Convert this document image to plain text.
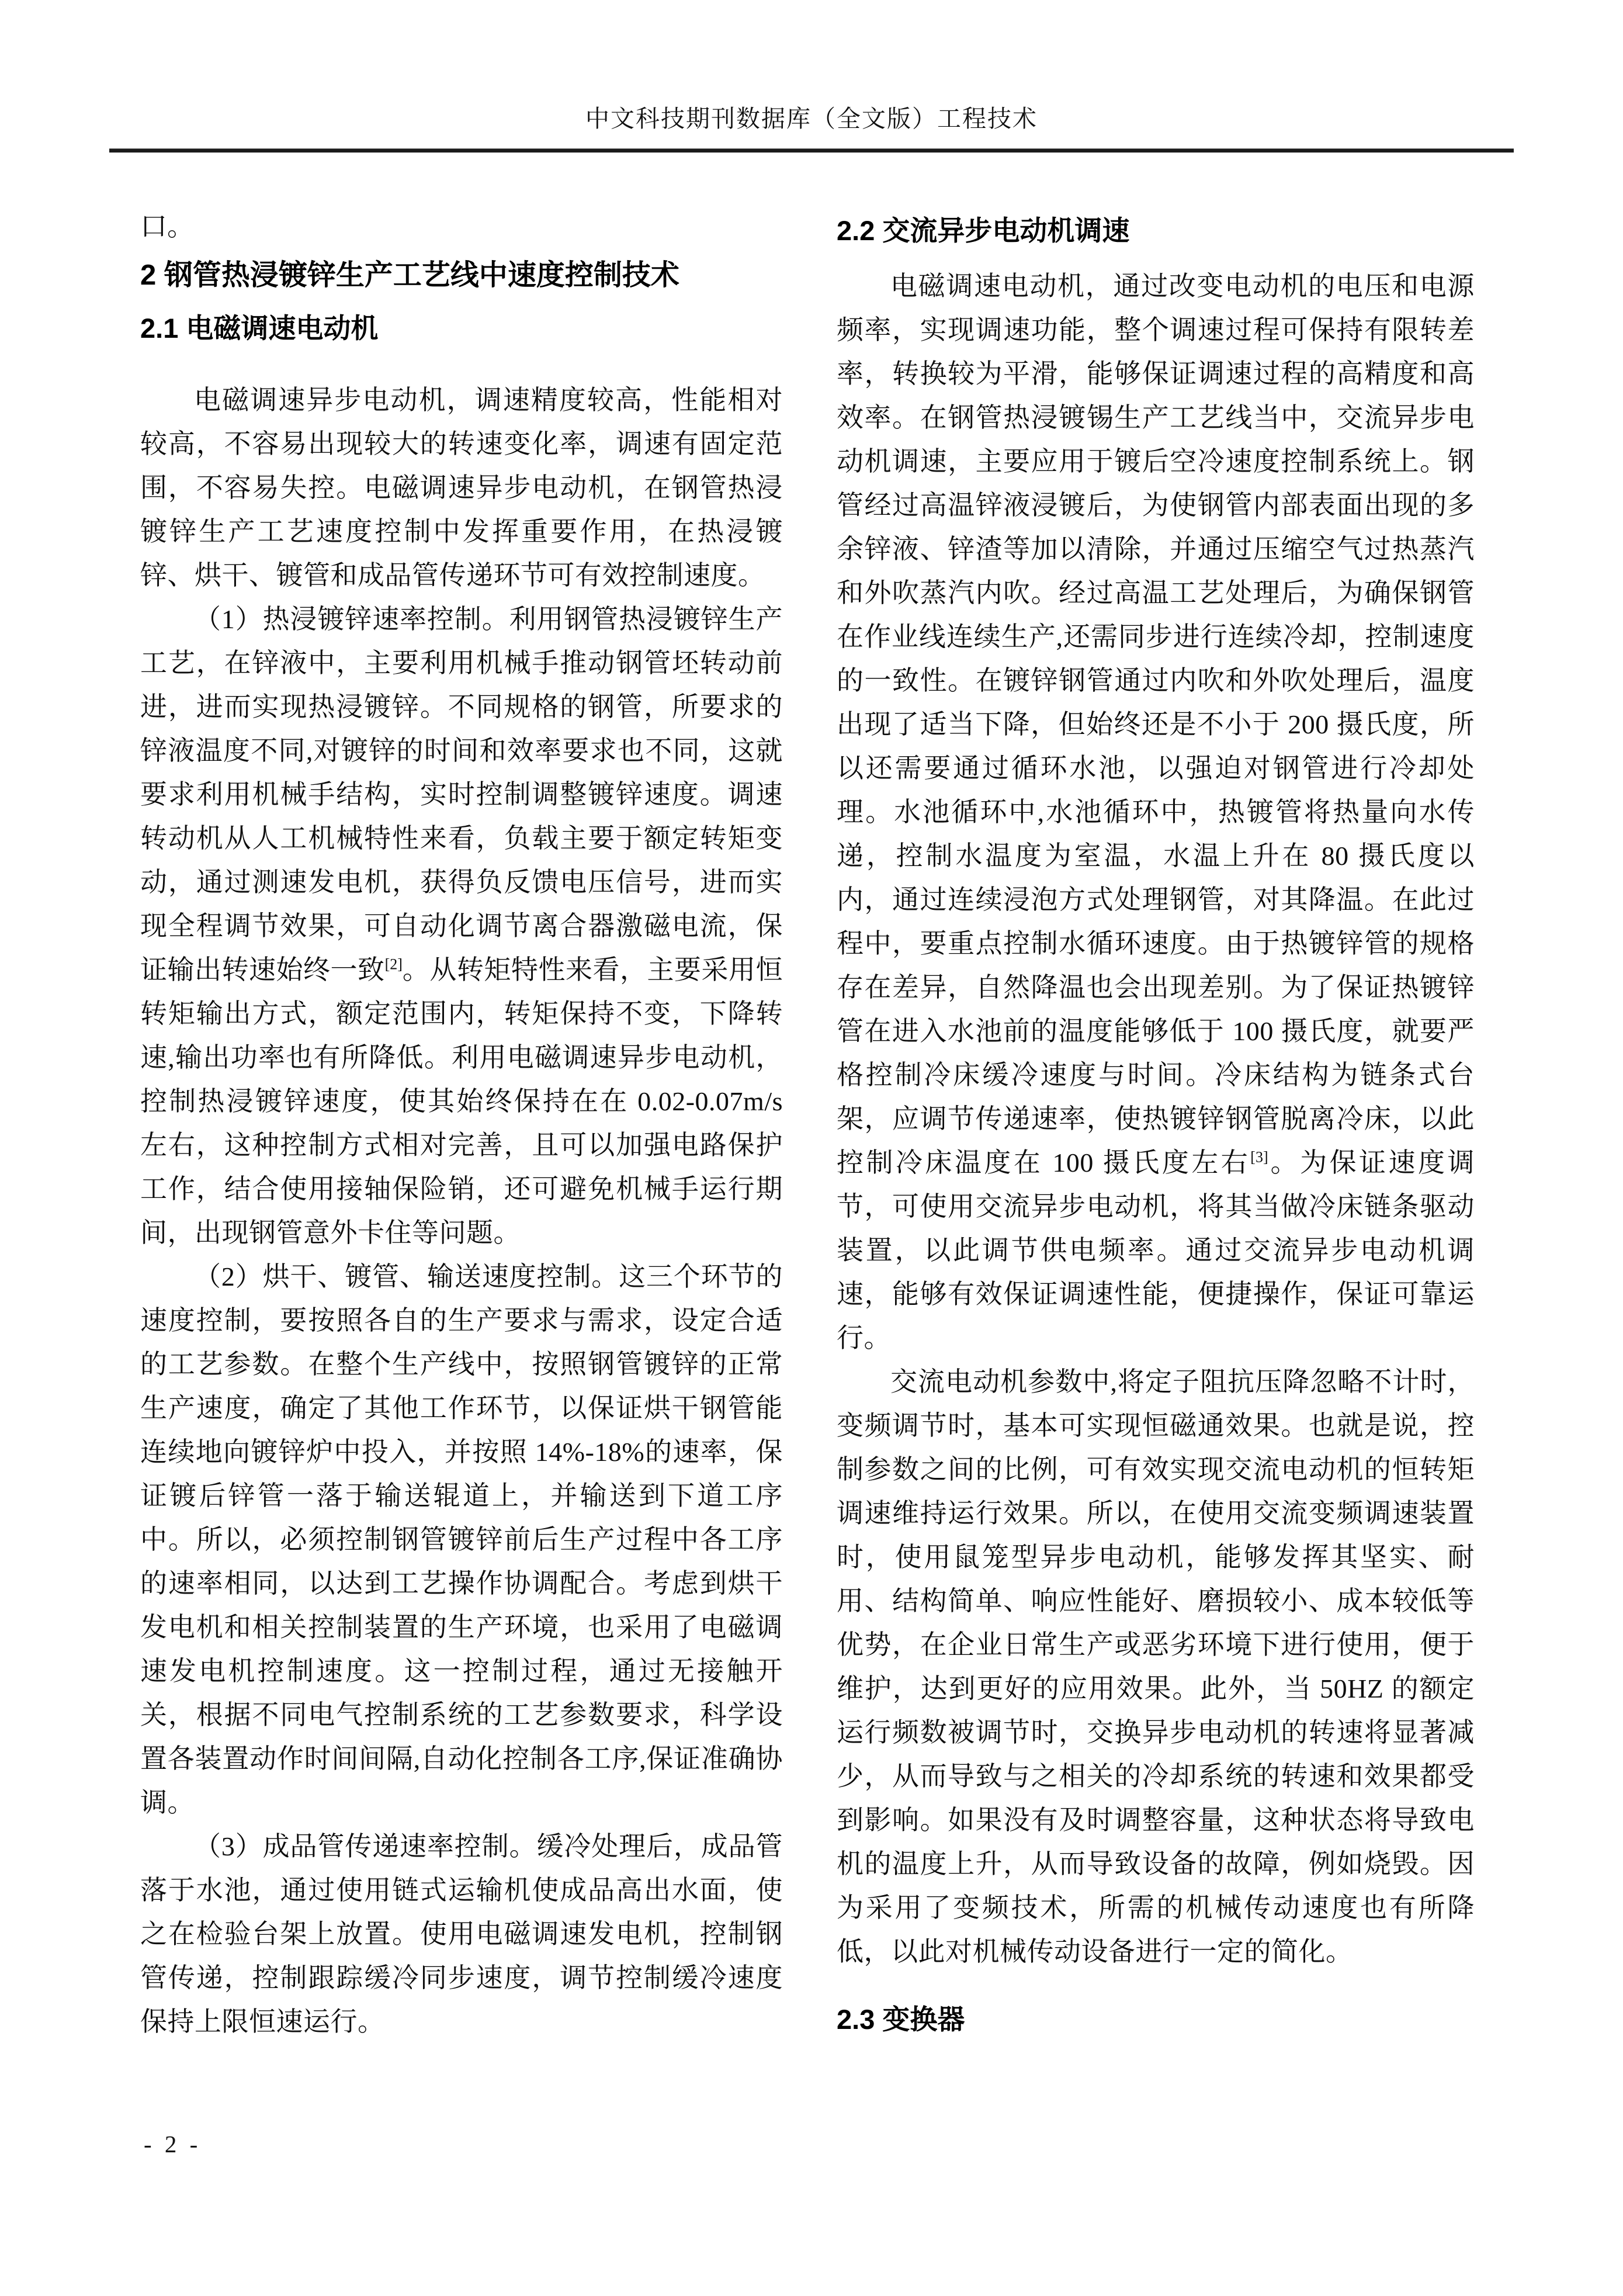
中文科技期刊数据库（全文版）工程技术

口。

2 钢管热浸镀锌生产工艺线中速度控制技术
2.1 电磁调速电动机

电磁调速异步电动机，调速精度较高，性能相对较高，不容易出现较大的转速变化率，调速有固定范围，不容易失控。电磁调速异步电动机，在钢管热浸镀锌生产工艺速度控制中发挥重要作用，在热浸镀锌、烘干、镀管和成品管传递环节可有效控制速度。

（1）热浸镀锌速率控制。利用钢管热浸镀锌生产工艺，在锌液中，主要利用机械手推动钢管坯转动前进，进而实现热浸镀锌。不同规格的钢管，所要求的锌液温度不同,对镀锌的时间和效率要求也不同，这就要求利用机械手结构，实时控制调整镀锌速度。调速转动机从人工机械特性来看，负载主要于额定转矩变动，通过测速发电机，获得负反馈电压信号，进而实现全程调节效果，可自动化调节离合器激磁电流，保证输出转速始终一致[2]。从转矩特性来看，主要采用恒转矩输出方式，额定范围内，转矩保持不变，下降转速,输出功率也有所降低。利用电磁调速异步电动机，控制热浸镀锌速度，使其始终保持在在 0.02-0.07m/s 左右，这种控制方式相对完善，且可以加强电路保护工作，结合使用接轴保险销，还可避免机械手运行期间，出现钢管意外卡住等问题。

（2）烘干、镀管、输送速度控制。这三个环节的速度控制，要按照各自的生产要求与需求，设定合适的工艺参数。在整个生产线中，按照钢管镀锌的正常生产速度，确定了其他工作环节，以保证烘干钢管能连续地向镀锌炉中投入，并按照 14%-18%的速率，保证镀后锌管一落于输送辊道上，并输送到下道工序中。所以，必须控制钢管镀锌前后生产过程中各工序的速率相同，以达到工艺操作协调配合。考虑到烘干发电机和相关控制装置的生产环境，也采用了电磁调速发电机控制速度。这一控制过程，通过无接触开关，根据不同电气控制系统的工艺参数要求，科学设置各装置动作时间间隔,自动化控制各工序,保证准确协调。

（3）成品管传递速率控制。缓冷处理后，成品管落于水池，通过使用链式运输机使成品高出水面，使之在检验台架上放置。使用电磁调速发电机，控制钢管传递，控制跟踪缓冷同步速度，调节控制缓冷速度保持上限恒速运行。

2.2 交流异步电动机调速

电磁调速电动机，通过改变电动机的电压和电源频率，实现调速功能，整个调速过程可保持有限转差率，转换较为平滑，能够保证调速过程的高精度和高效率。在钢管热浸镀锡生产工艺线当中，交流异步电动机调速，主要应用于镀后空冷速度控制系统上。钢管经过高温锌液浸镀后，为使钢管内部表面出现的多余锌液、锌渣等加以清除，并通过压缩空气过热蒸汽和外吹蒸汽内吹。经过高温工艺处理后，为确保钢管在作业线连续生产,还需同步进行连续冷却，控制速度的一致性。在镀锌钢管通过内吹和外吹处理后，温度出现了适当下降，但始终还是不小于 200 摄氏度，所以还需要通过循环水池，以强迫对钢管进行冷却处理。水池循环中,水池循环中，热镀管将热量向水传递，控制水温度为室温，水温上升在 80 摄氏度以内，通过连续浸泡方式处理钢管，对其降温。在此过程中，要重点控制水循环速度。由于热镀锌管的规格存在差异，自然降温也会出现差别。为了保证热镀锌管在进入水池前的温度能够低于 100 摄氏度，就要严格控制冷床缓冷速度与时间。冷床结构为链条式台架，应调节传递速率，使热镀锌钢管脱离冷床，以此控制冷床温度在 100 摄氏度左右[3]。为保证速度调节，可使用交流异步电动机，将其当做冷床链条驱动装置，以此调节供电频率。通过交流异步电动机调速，能够有效保证调速性能，便捷操作，保证可靠运行。

交流电动机参数中,将定子阻抗压降忽略不计时，变频调节时，基本可实现恒磁通效果。也就是说，控制参数之间的比例，可有效实现交流电动机的恒转矩调速维持运行效果。所以，在使用交流变频调速装置时，使用鼠笼型异步电动机，能够发挥其坚实、耐用、结构简单、响应性能好、磨损较小、成本较低等优势，在企业日常生产或恶劣环境下进行使用，便于维护，达到更好的应用效果。此外，当 50HZ 的额定运行频数被调节时，交换异步电动机的转速将显著减少，从而导致与之相关的冷却系统的转速和效果都受到影响。如果没有及时调整容量，这种状态将导致电机的温度上升，从而导致设备的故障，例如烧毁。因为采用了变频技术，所需的机械传动速度也有所降低，以此对机械传动设备进行一定的简化。

2.3 变换器
- 2 -
